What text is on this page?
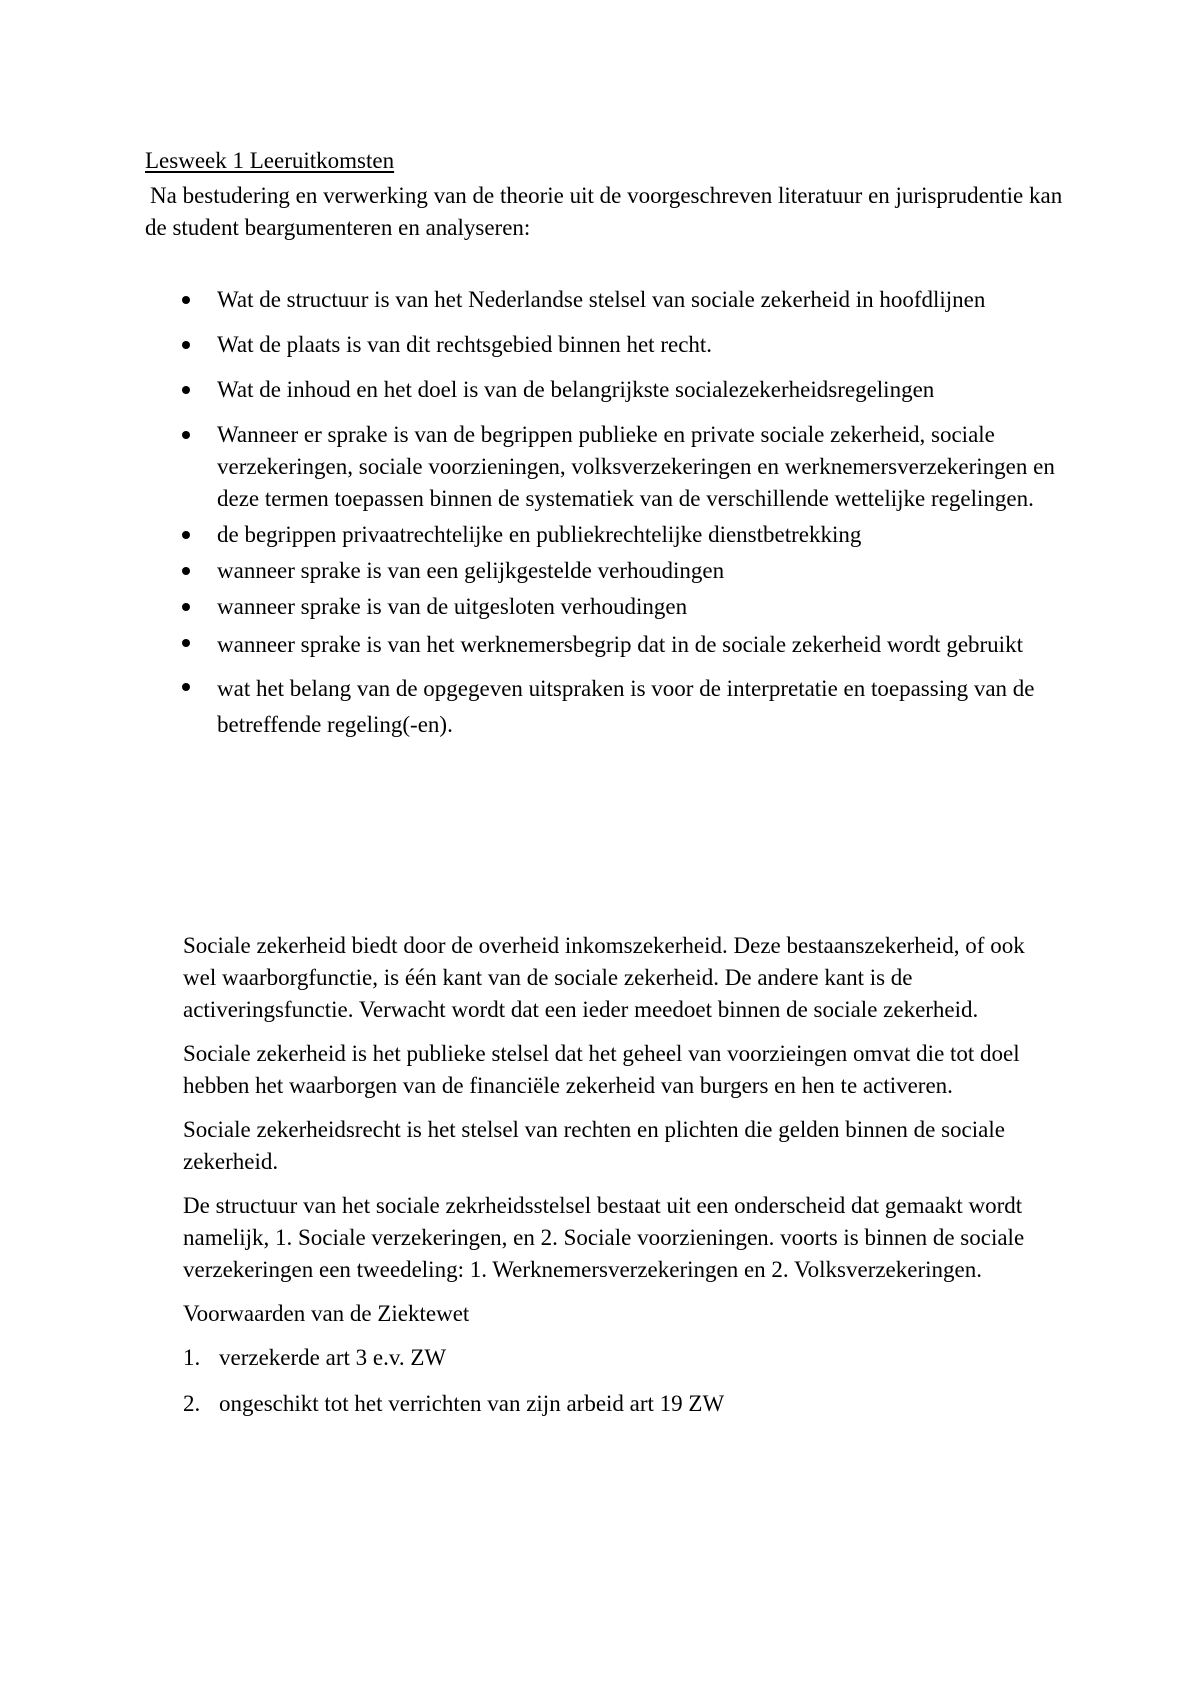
Lesweek 1 Leeruitkomsten

Na bestudering en verwerking van de theorie uit de voorgeschreven literatuur en jurisprudentie kan de student beargumenteren en analyseren:

Wat de structuur is van het Nederlandse stelsel van sociale zekerheid in hoofdlijnen
Wat de plaats is van dit rechtsgebied binnen het recht.
Wat de inhoud en het doel is van de belangrijkste socialezekerheidsregelingen
Wanneer er sprake is van de begrippen publieke en private sociale zekerheid, sociale verzekeringen, sociale voorzieningen, volksverzekeringen en werknemersverzekeringen en deze termen toepassen binnen de systematiek van de verschillende wettelijke regelingen.
de begrippen privaatrechtelijke en publiekrechtelijke dienstbetrekking
wanneer sprake is van een gelijkgestelde verhoudingen
wanneer sprake is van de uitgesloten verhoudingen
wanneer sprake is van het werknemersbegrip dat in de sociale zekerheid wordt gebruikt
wat het belang van de opgegeven uitspraken is voor de interpretatie en toepassing van de betreffende regeling(-en).

Sociale zekerheid biedt door de overheid inkomszekerheid. Deze bestaanszekerheid, of ook wel waarborgfunctie, is één kant van de sociale zekerheid. De andere kant is de activeringsfunctie. Verwacht wordt dat een ieder meedoet binnen de sociale zekerheid.

Sociale zekerheid is het publieke stelsel dat het geheel van voorzieingen omvat die tot doel hebben het waarborgen van de financiële zekerheid van burgers en hen te activeren.

Sociale zekerheidsrecht is het stelsel van rechten en plichten die gelden binnen de sociale zekerheid.

De structuur van het sociale zekrheidsstelsel bestaat uit een onderscheid dat gemaakt wordt namelijk, 1. Sociale verzekeringen, en 2. Sociale voorzieningen. voorts is binnen de sociale verzekeringen een tweedeling: 1. Werknemersverzekeringen en 2. Volksverzekeringen.

Voorwaarden van de Ziektewet

1. verzekerde art 3 e.v. ZW
2. ongeschikt tot het verrichten van zijn arbeid art 19 ZW
